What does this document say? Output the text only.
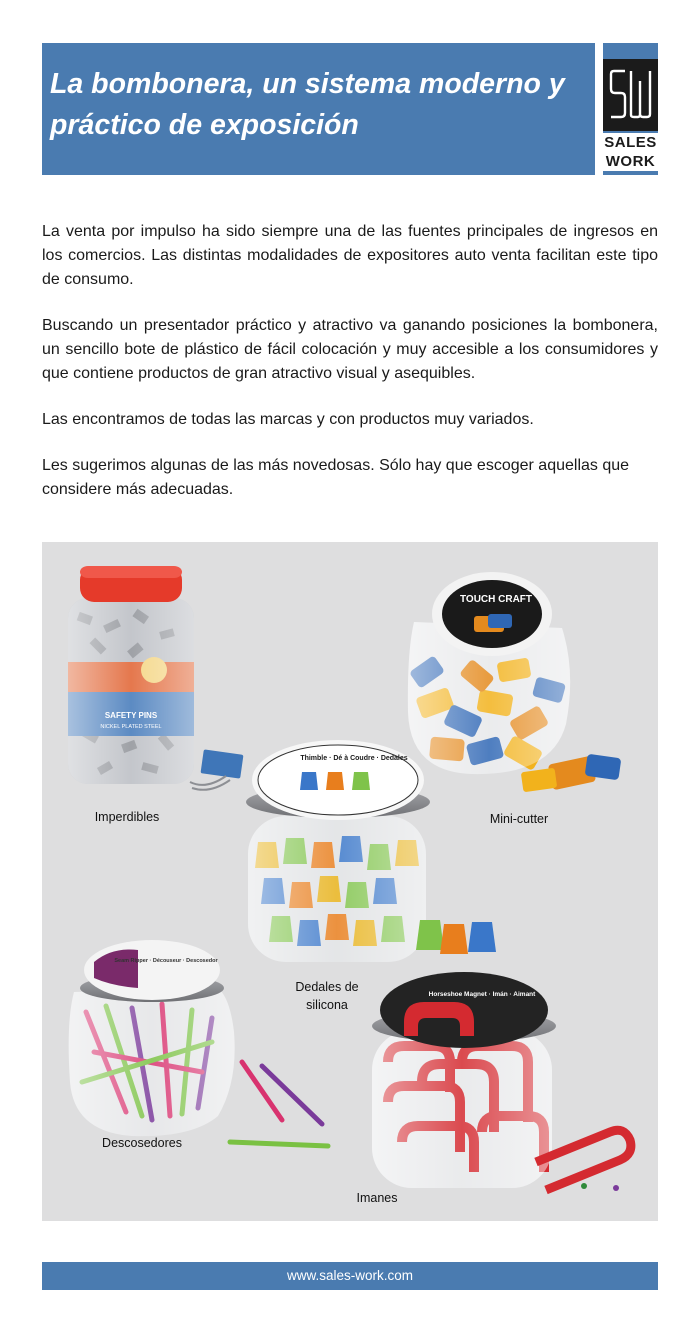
La bombonera, un sistema moderno y práctico de exposición
SALES
WORK

La venta por impulso ha sido siempre una de las fuentes principales de ingresos en los comercios. Las distintas modalidades de expositores auto venta facilitan este tipo de consumo.

Buscando un presentador práctico y atractivo va ganando posiciones la bombonera, un sencillo bote de plástico de fácil colocación y muy accesible a los consumidores y que contiene productos de gran atractivo visual y asequibles.

Las encontramos de todas las marcas y con productos muy variados.

Les sugerimos algunas de las más novedosas. Sólo hay que escoger aquellas que considere más adecuadas.

TOUCH CRAFT
Thimble · Dé à Coudre · Dedales
Seam Ripper · Découseur · Descosedor
Horseshoe Magnet · Imán · Aimant
Imperdibles	Mini-cutter
Dedales de silicona
Descosedores
Imanes
www.sales-work.com
